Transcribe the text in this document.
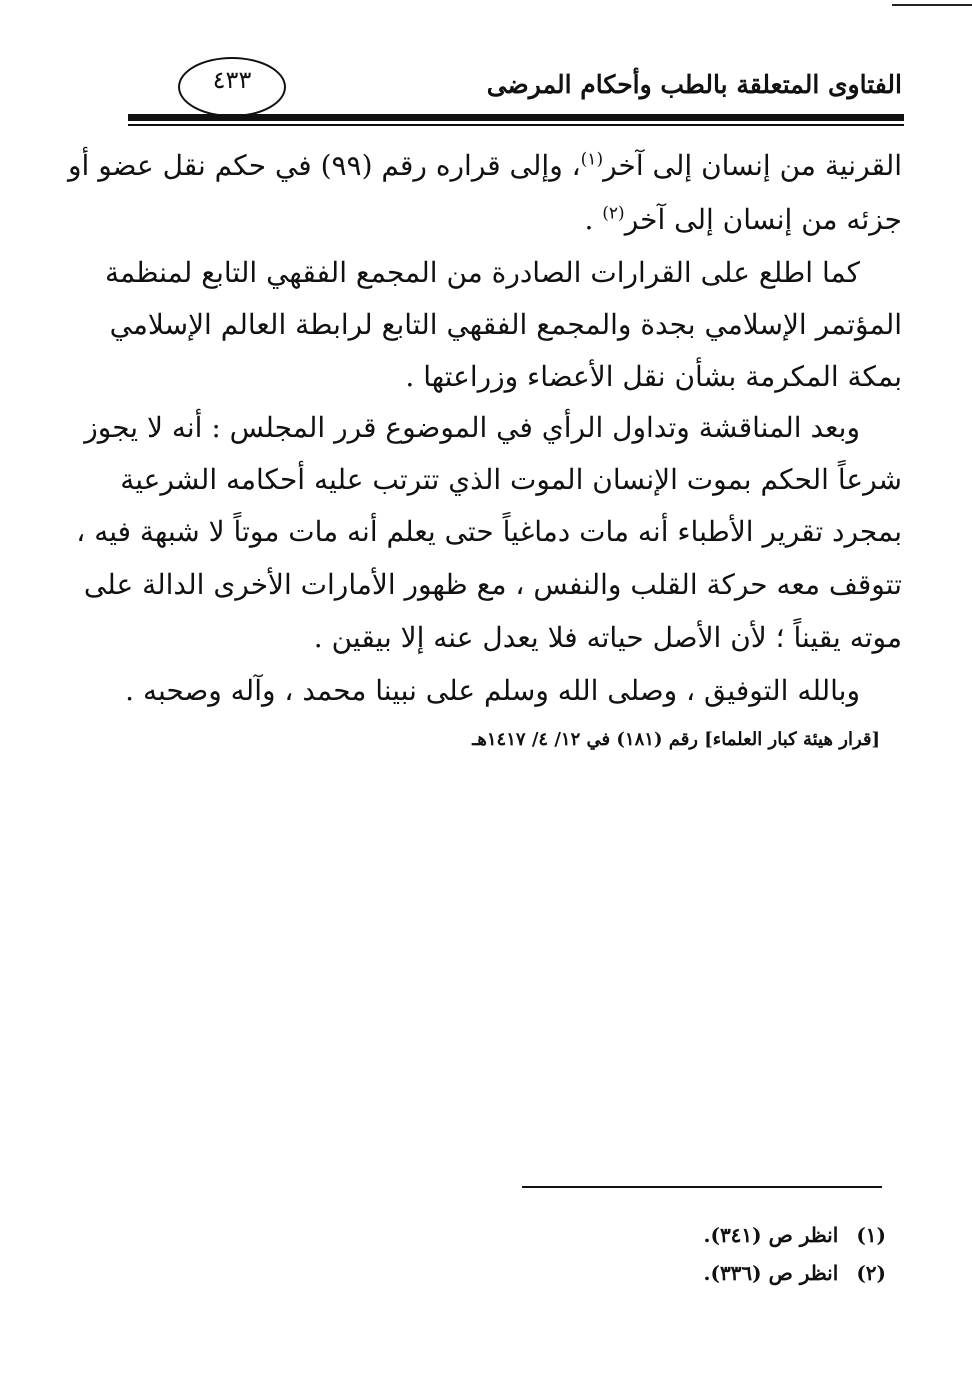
الفتاوى المتعلقة بالطب وأحكام المرضى
٤٣٣
القرنية من إنسان إلى آخر$^{(١)}$، وإلى قراره رقم (٩٩) في حكم نقل عضو أو
جزئه من إنسان إلى آخر$^{(٢)}$ .
كما اطلع على القرارات الصادرة من المجمع الفقهي التابع لمنظمة
المؤتمر الإسلامي بجدة والمجمع الفقهي التابع لرابطة العالم الإسلامي
بمكة المكرمة بشأن نقل الأعضاء وزراعتها .
وبعد المناقشة وتداول الرأي في الموضوع قرر المجلس : أنه لا يجوز
شرعاً الحكم بموت الإنسان الموت الذي تترتب عليه أحكامه الشرعية
بمجرد تقرير الأطباء أنه مات دماغياً حتى يعلم أنه مات موتاً لا شبهة فيه ،
تتوقف معه حركة القلب والنفس ، مع ظهور الأمارات الأخرى الدالة على
موته يقيناً ؛ لأن الأصل حياته فلا يعدل عنه إلا بيقين .
وبالله التوفيق ، وصلى الله وسلم على نبينا محمد ، وآله وصحبه .
[قرار هيئة كبار العلماء] رقم (١٨١) في ١٢/ ٤/ ١٤١٧هـ
(١)انظر ص (٣٤١).
(٢)انظر ص (٣٣٦).
